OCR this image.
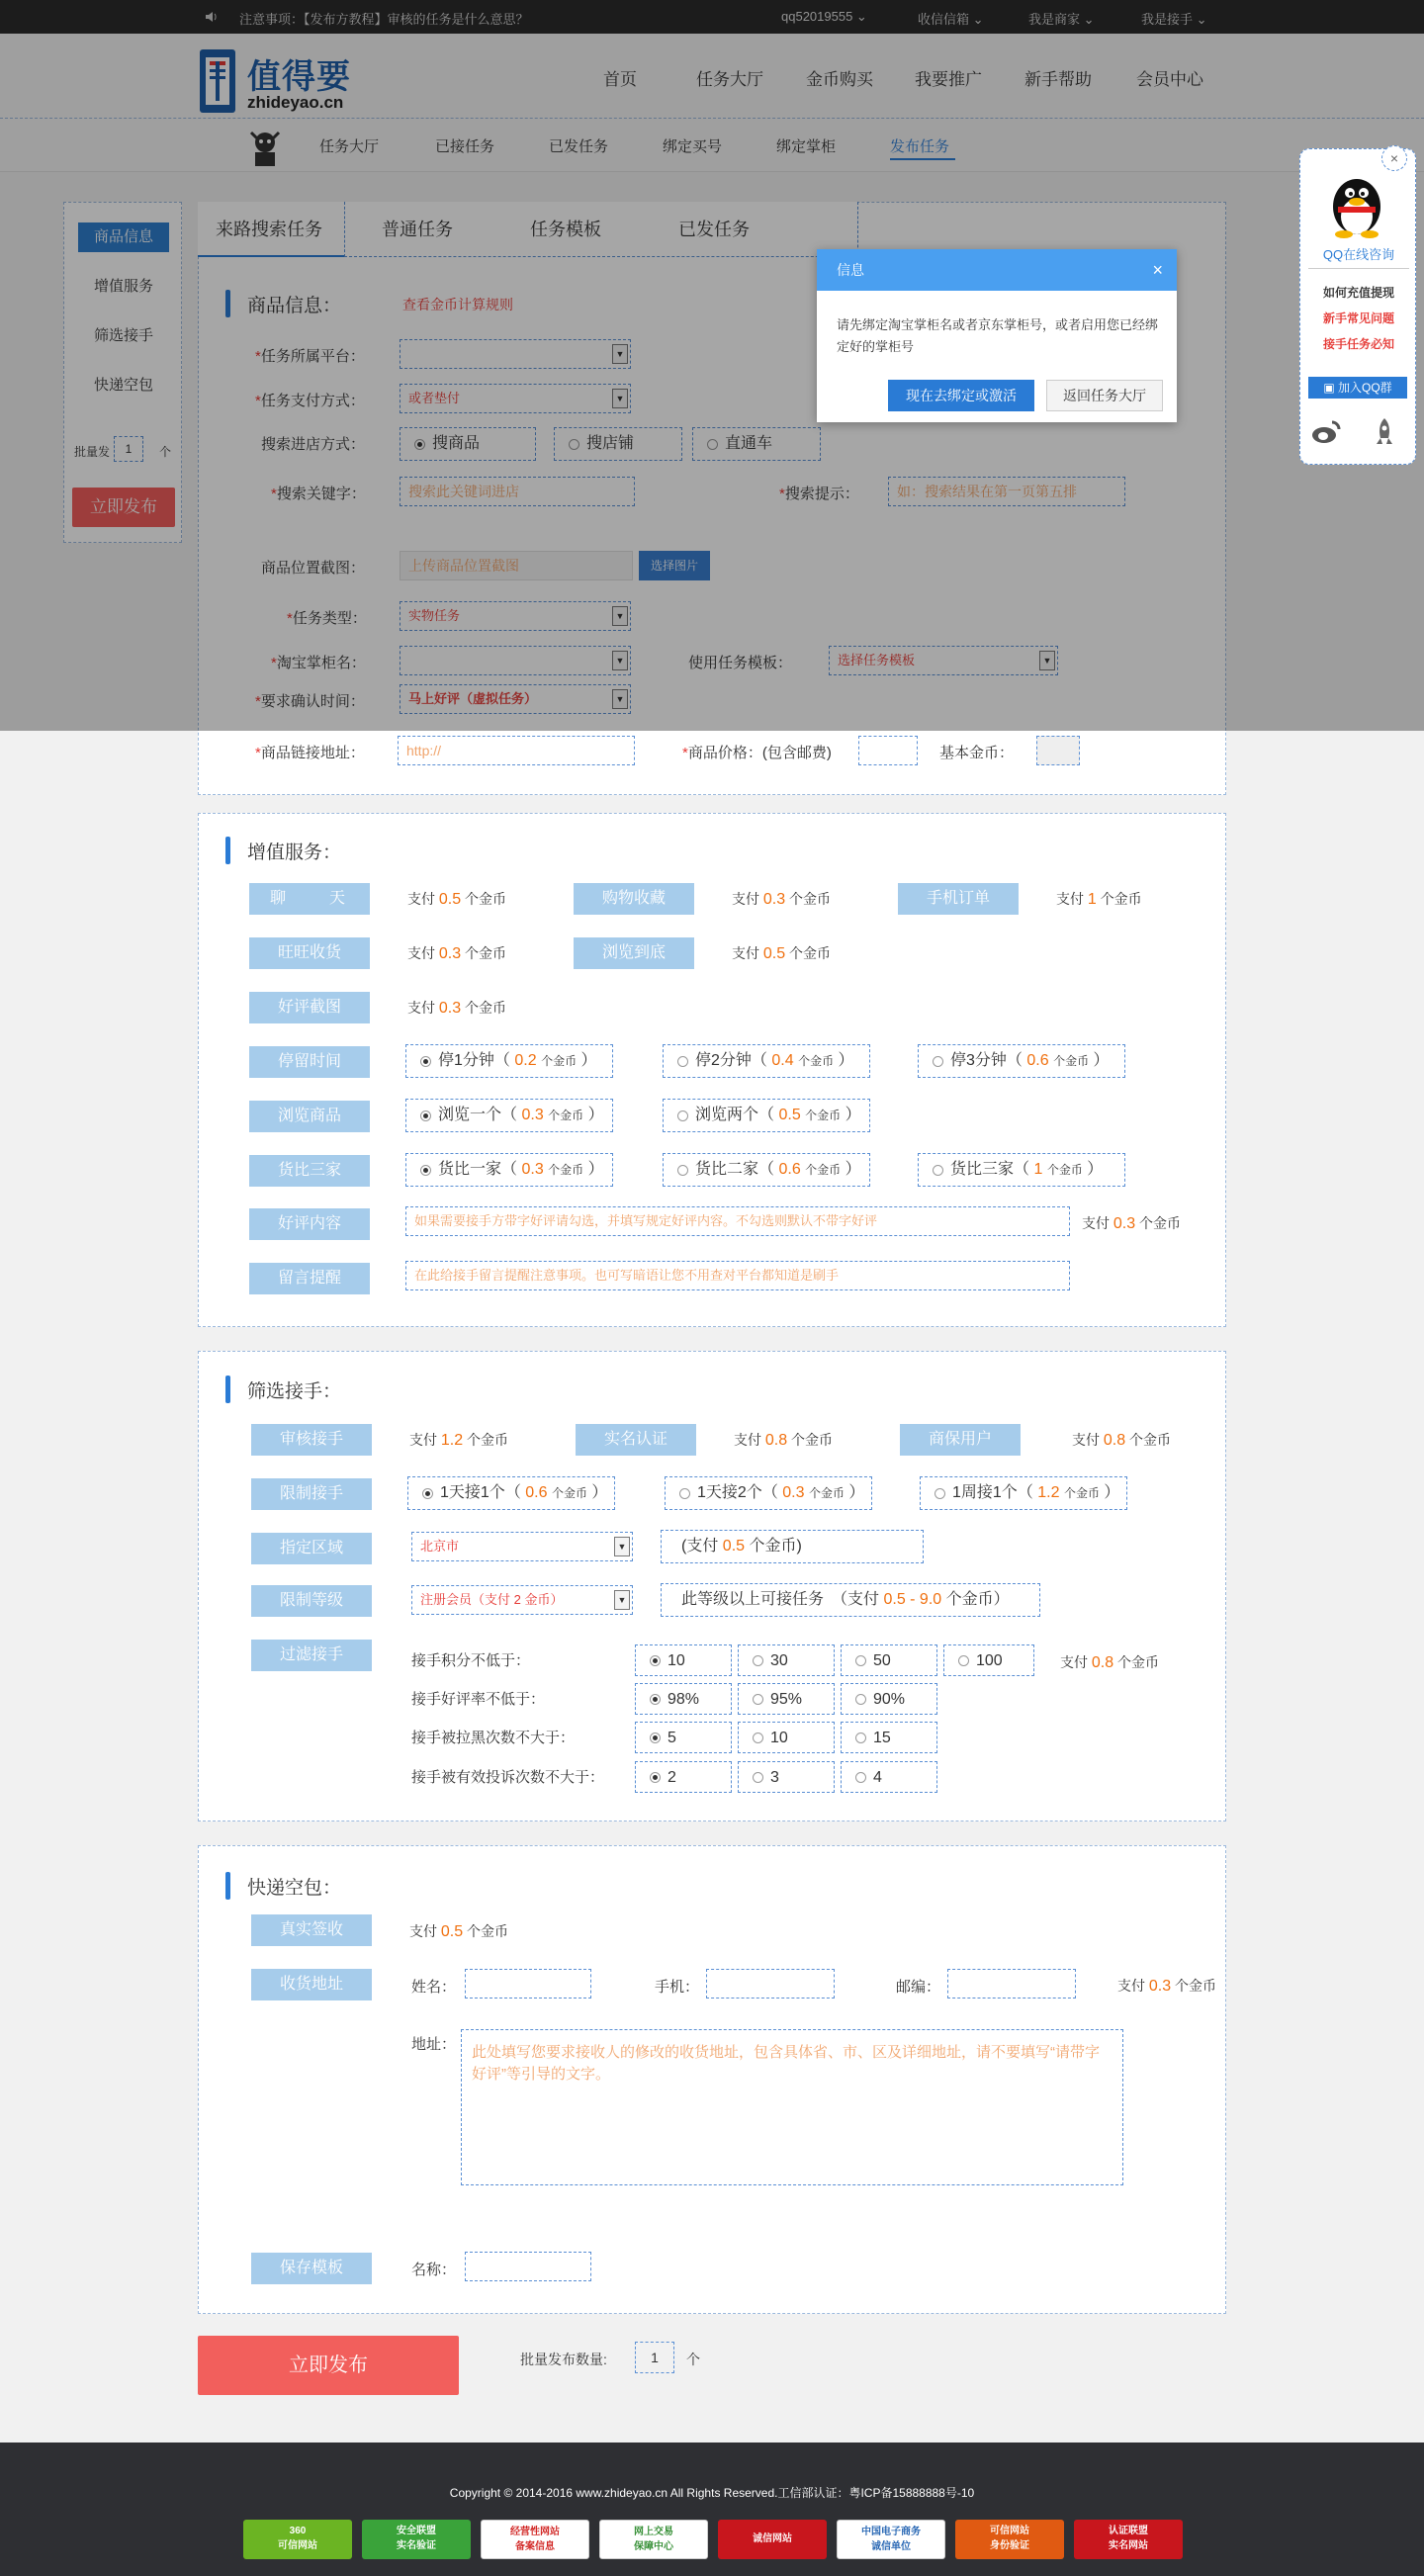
注意事项：【发布方教程】审核的任务是什么意思？	qq52019555 ⌄	收信信箱 ⌄	我是商家 ⌄	我是接手 ⌄
值得要
zhideyao.cn
首页	任务大厅	金币购买 我要推广	新手帮助	会员中心
任务大厅	已接任务	已发任务	绑定买号	绑定掌柜	发布任务
商品信息
增值服务
筛选接手
快递空包
批量发	1	个
立即发布
来路搜索任务	普通任务	任务模板	已发任务
商品信息：	查看金币计算规则
*任务所属平台：	▼
*任务支付方式：	或者垫付	▼
搜索进店方式：	搜商品	搜店铺	直通车
*搜索关键字：	搜索此关键词进店	*搜索提示：	如：搜索结果在第一页第五排
商品位置截图：	上传商品位置截图	选择图片
*任务类型：	实物任务	▼
*淘宝掌柜名：	▼	使用任务模板：	选择任务模板	▼
*要求确认时间：	马上好评（虚拟任务）	▼
*商品链接地址：	http://	*商品价格：(包含邮费)	基本金币：
增值服务：
聊　　天	支付 0.5 个金币	购物收藏	支付 0.3 个金币	手机订单	支付 1 个金币
旺旺收货	支付 0.3 个金币	浏览到底	支付 0.5 个金币
好评截图	支付 0.3 个金币
停留时间	停1分钟（ 0.2 个金币 ）	停2分钟（ 0.4 个金币 ）	停3分钟（ 0.6 个金币 ）
浏览商品	浏览一个（ 0.3 个金币 ）	浏览两个（ 0.5 个金币 ）
货比三家	货比一家（ 0.3 个金币 ）	货比二家（ 0.6 个金币 ）	货比三家（ 1 个金币 ）
好评内容	如果需要接手方带字好评请勾选，并填写规定好评内容。不勾选则默认不带字好评	支付 0.3 个金币
留言提醒	在此给接手留言提醒注意事项。也可写暗语让您不用查对平台都知道是刷手
筛选接手：
审核接手	支付 1.2 个金币	实名认证	支付 0.8 个金币	商保用户	支付 0.8 个金币
限制接手	1天接1个（ 0.6 个金币 ）	1天接2个（ 0.3 个金币 ）	1周接1个（ 1.2 个金币 ）
指定区域	北京市	▼	(支付 0.5 个金币)
限制等级	注册会员（支付 2 金币）	▼	此等级以上可接任务　（支付 0.5 - 9.0 个金币）
过滤接手	支付 0.8 个金币
接手积分不低于：	10	30	50	100
接手好评率不低于：	98%	95%	90%
接手被拉黑次数不大于：	5	10	15
接手被有效投诉次数不大于：	2	3	4
快递空包：
真实签收	支付 0.5 个金币
收货地址	姓名：	手机：	邮编：	支付 0.3 个金币
地址：	此处填写您要求接收人的修改的收货地址，包含具体省、市、区及详细地址，请不要填写“请带字好评”等引导的文字。
保存模板	名称：
立即发布	批量发布数量:	1	个
Copyright © 2014-2016 www.zhideyao.cn All Rights Reserved.工信部认证：粤ICP备15888888号-10
360
可信网站
安全联盟
实名验证
经营性网站
备案信息
网上交易
保障中心
诚信网站
中国电子商务
诚信单位
可信网站
身份验证
认证联盟
实名网站
×
QQ在线咨询
如何充值提现
新手常见问题
接手任务必知
▣ 加入QQ群
信息	×
请先绑定淘宝掌柜名或者京东掌柜号，或者启用您已经绑定好的掌柜号
现在去绑定或激活	返回任务大厅
